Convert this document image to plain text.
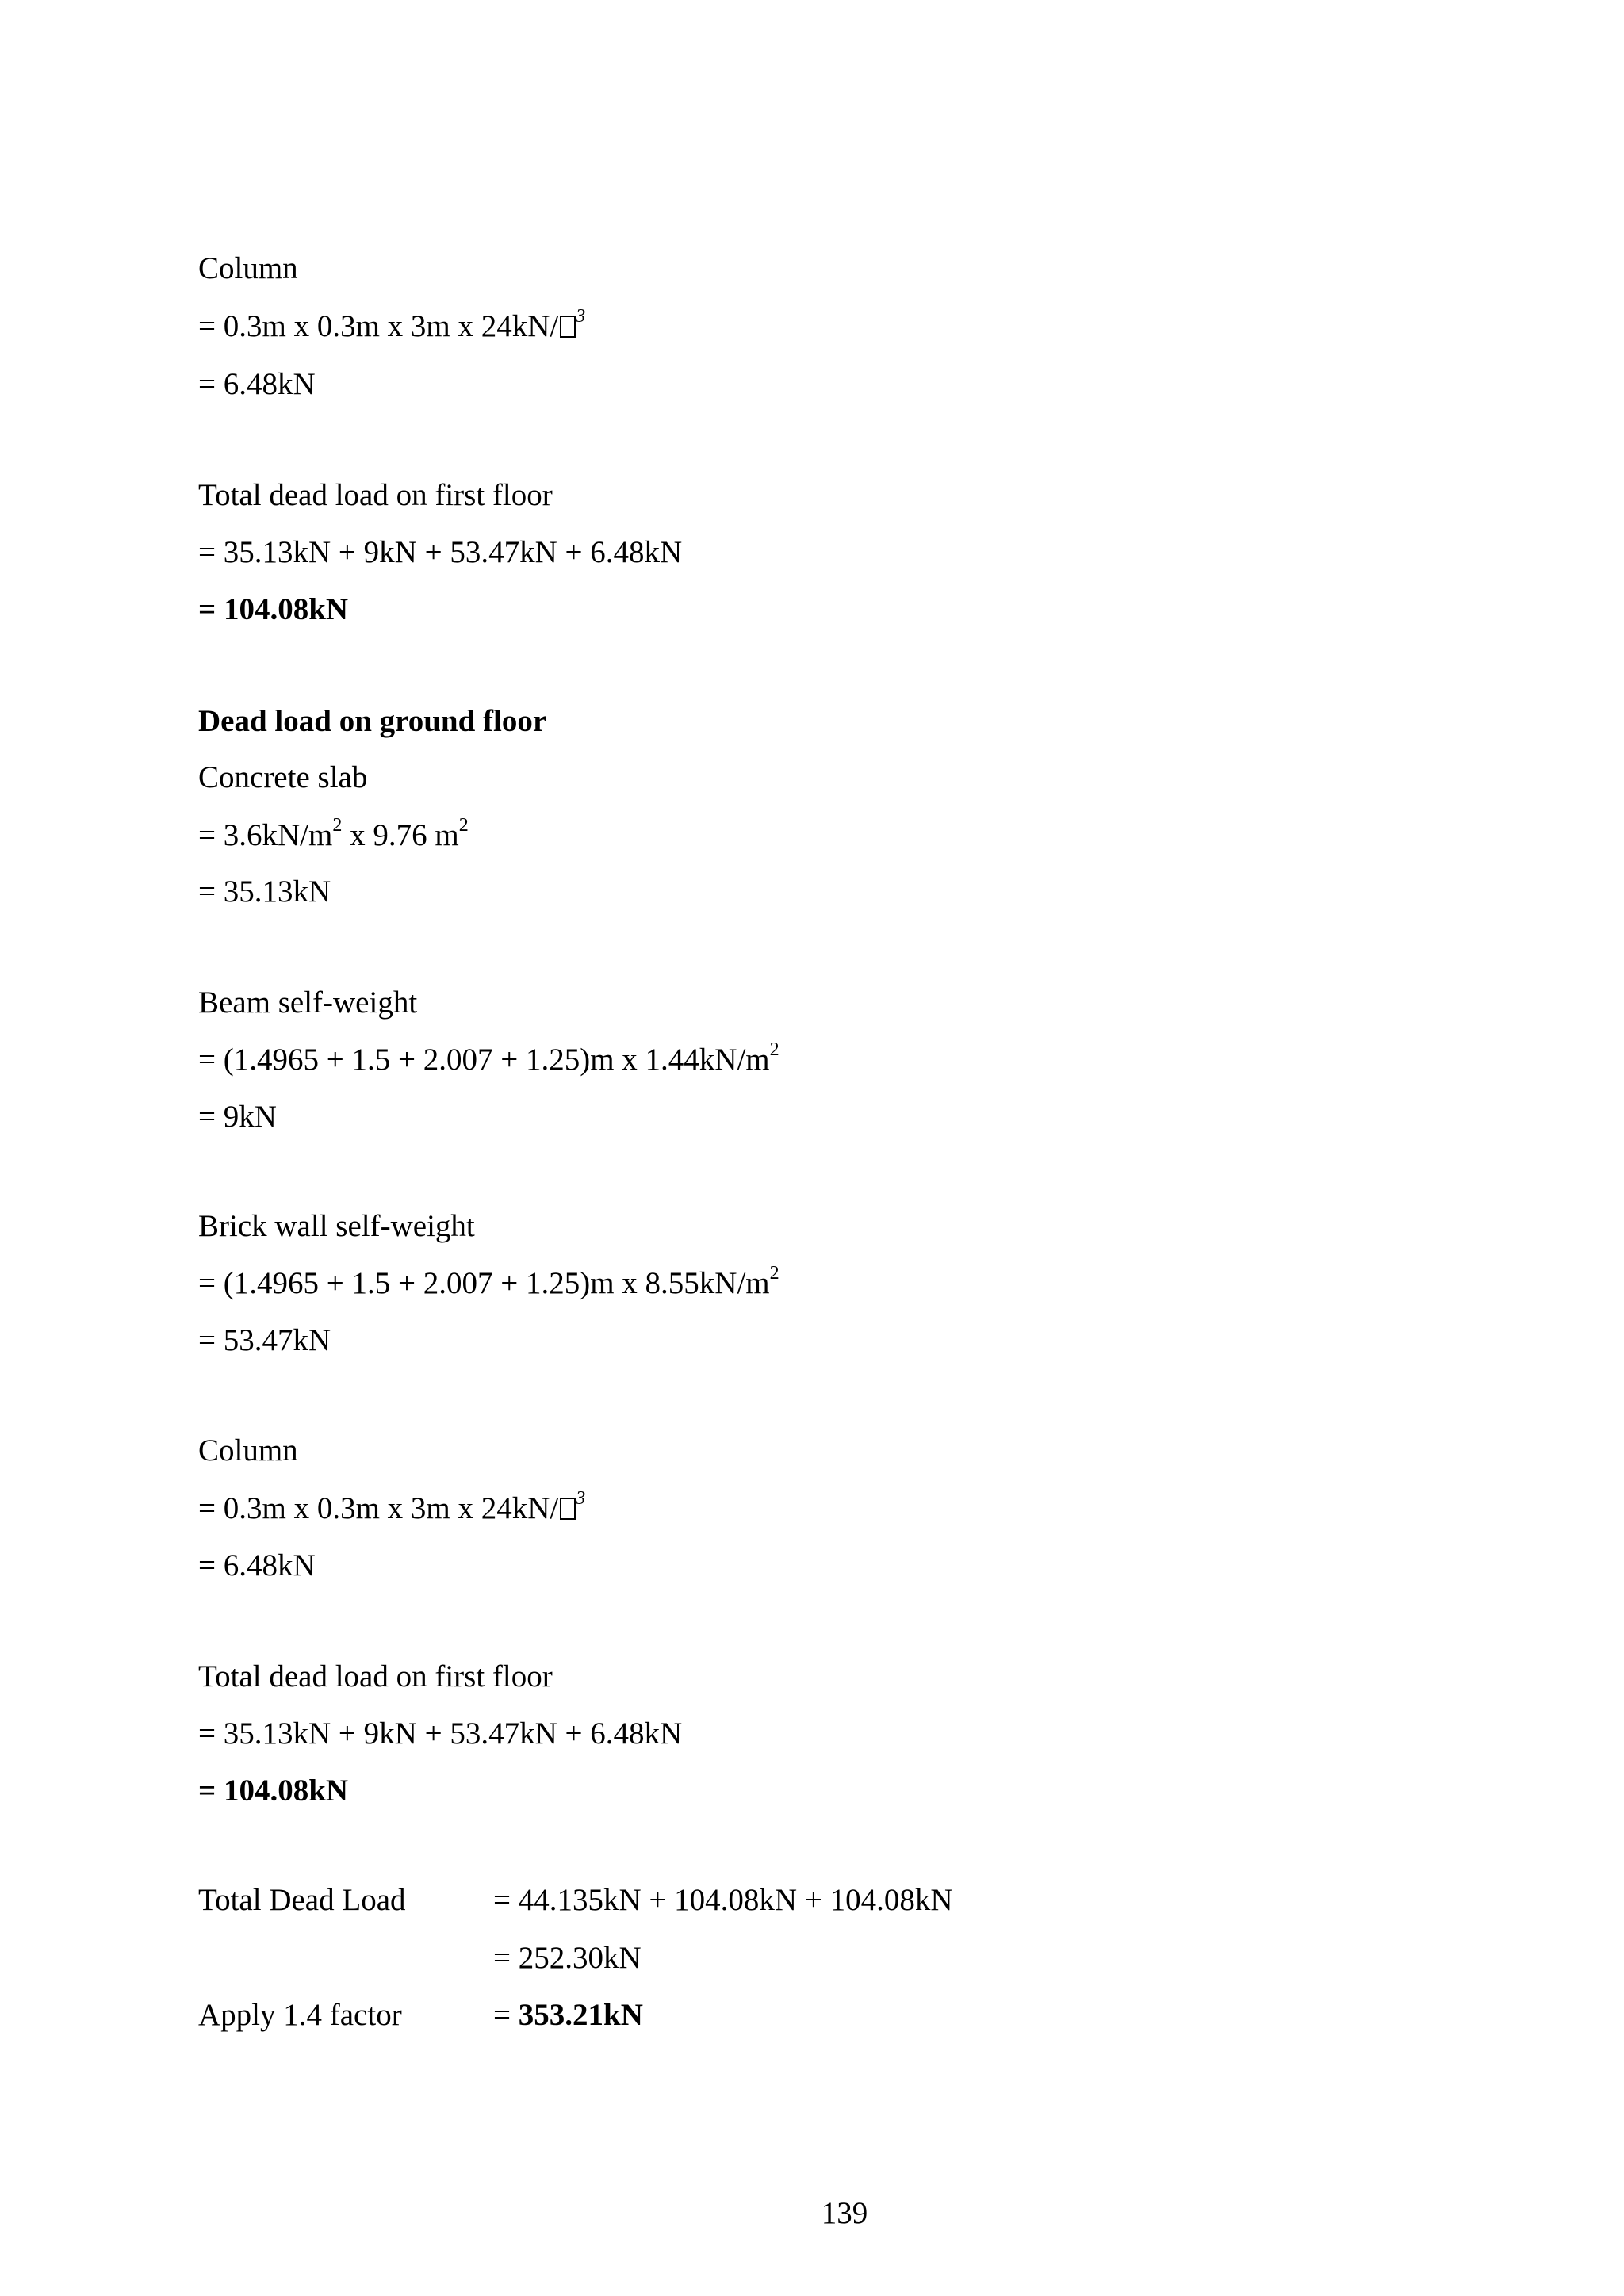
Column
= 0.3m x 0.3m x 3m x 24kN/ $^3$
= 6.48kN
Total dead load on first floor
= 35.13kN + 9kN + 53.47kN + 6.48kN
= 104.08kN
Dead load on ground floor
Concrete slab
= $3.6kN/m^2$ x 9.76 $m^2$
= 35.13kN
Beam self-weight
= (1.4965 + 1.5 + 2.007 + 1.25)m x $1.44kN/m^2$
= 9kN
Brick wall self-weight
= (1.4965 + 1.5 + 2.007 + 1.25)m x $8.55kN/m^2$
= 53.47kN
Column
= 0.3m x 0.3m x 3m x 24kN/ $^3$
= 6.48kN
Total dead load on first floor
= 35.13kN + 9kN + 53.47kN + 6.48kN
= 104.08kN
Total Dead Load	= 44.135kN + 104.08kN + 104.08kN
= 252.30kN
Apply 1.4 factor	= 353.21kN
139
